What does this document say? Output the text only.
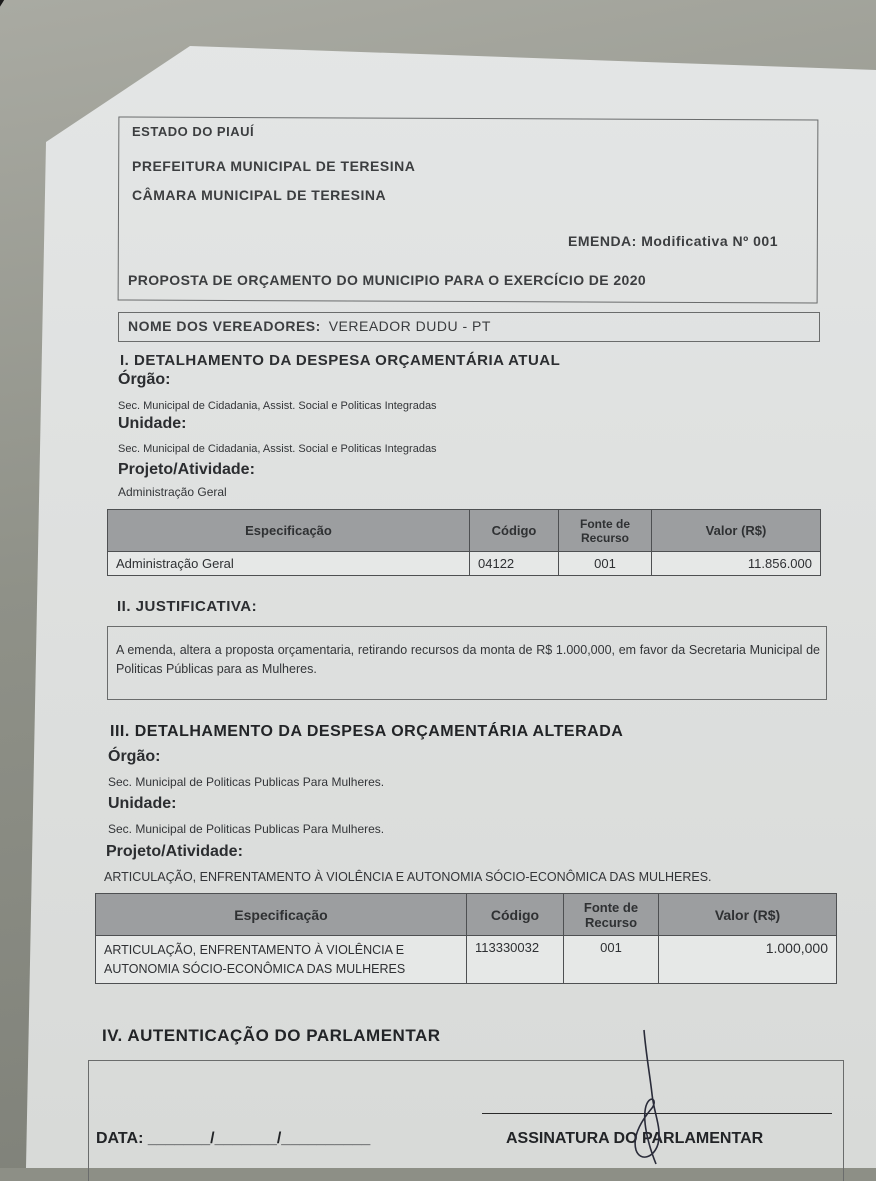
ESTADO DO PIAUÍ
PREFEITURA MUNICIPAL DE TERESINA
CÂMARA MUNICIPAL DE TERESINA
EMENDA: Modificativa Nº 001
PROPOSTA DE ORÇAMENTO DO MUNICIPIO PARA O EXERCÍCIO DE 2020
NOME DOS VEREADORES: VEREADOR DUDU - PT
I. DETALHAMENTO DA DESPESA ORÇAMENTÁRIA ATUAL
Órgão:
Sec. Municipal de Cidadania, Assist. Social e Politicas Integradas
Unidade:
Sec. Municipal de Cidadania, Assist. Social e Politicas Integradas
Projeto/Atividade:
Administração Geral
Especificação	Código	Fonte de Recurso	Valor (R$)
Administração Geral	04122	001	11.856.000
II. JUSTIFICATIVA:
A emenda, altera a proposta orçamentaria, retirando recursos da monta de R$ 1.000,000, em favor da Secretaria Municipal de Politicas Públicas para as Mulheres.
III. DETALHAMENTO DA DESPESA ORÇAMENTÁRIA ALTERADA
Órgão:
Sec. Municipal de Politicas Publicas Para Mulheres.
Unidade:
Sec. Municipal de Politicas Publicas Para Mulheres.
Projeto/Atividade:
ARTICULAÇÃO, ENFRENTAMENTO À VIOLÊNCIA E AUTONOMIA SÓCIO-ECONÔMICA DAS MULHERES.
Especificação	Código	Fonte de Recurso	Valor (R$)
ARTICULAÇÃO, ENFRENTAMENTO À VIOLÊNCIA E AUTONOMIA SÓCIO-ECONÔMICA DAS MULHERES	113330032	001	1.000,000
IV. AUTENTICAÇÃO DO PARLAMENTAR
DATA: _______/_______/__________	ASSINATURA DO PARLAMENTAR
